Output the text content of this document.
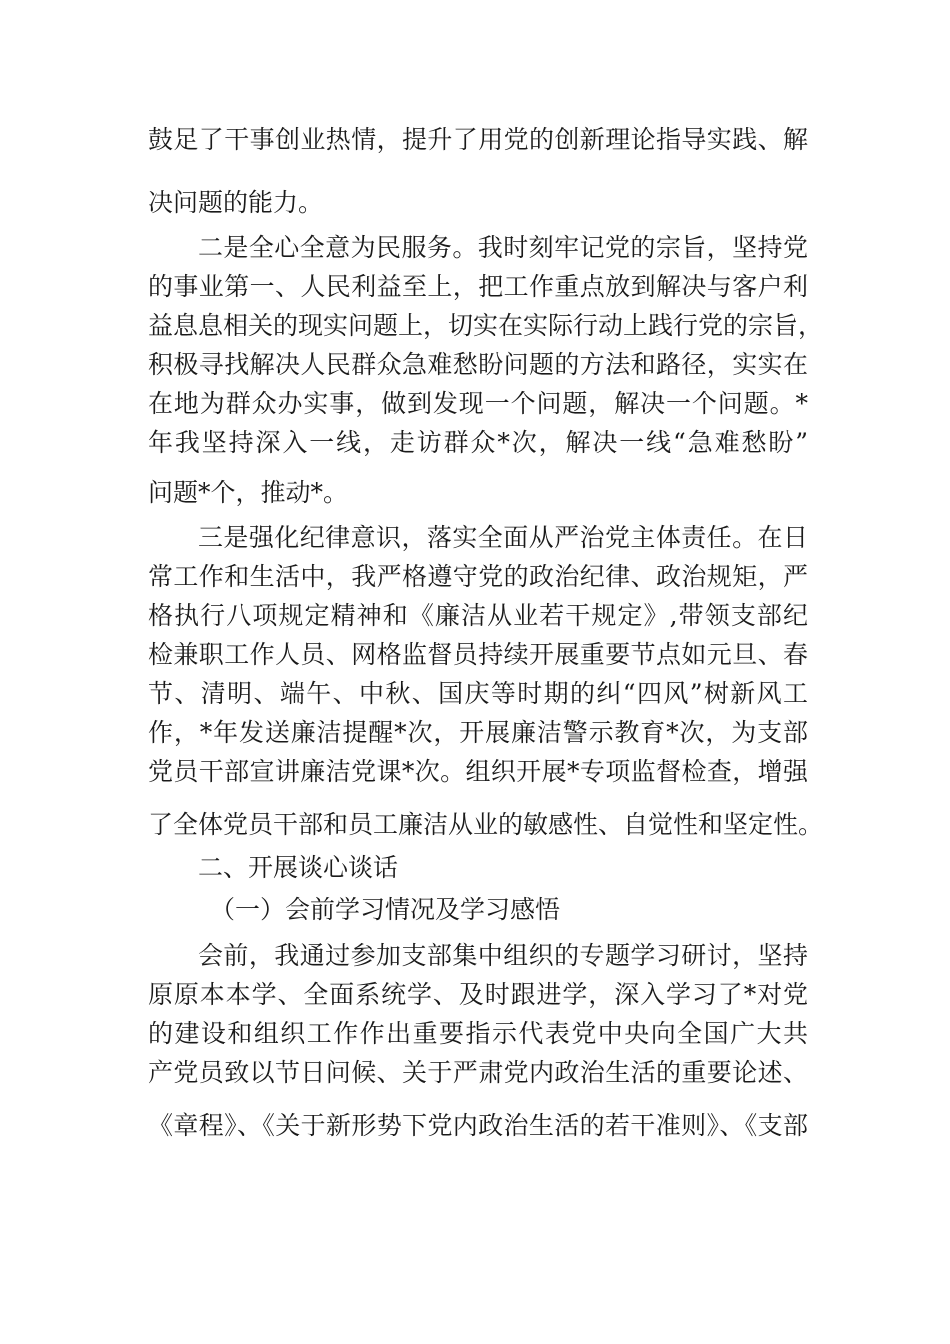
鼓足了干事创业热情，提升了用党的创新理论指导实践、解
决问题的能力。
二是全心全意为民服务。我时刻牢记党的宗旨，坚持党
的事业第一、人民利益至上，把工作重点放到解决与客户利
益息息相关的现实问题上，切实在实际行动上践行党的宗旨，
积极寻找解决人民群众急难愁盼问题的方法和路径，实实在
在地为群众办实事，做到发现一个问题，解决一个问题。*
年我坚持深入一线，走访群众*次，解决一线“急难愁盼”
问题*个，推动*。
三是强化纪律意识，落实全面从严治党主体责任。在日
常工作和生活中，我严格遵守党的政治纪律、政治规矩，严
格执行八项规定精神和《廉洁从业若干规定》,带领支部纪
检兼职工作人员、网格监督员持续开展重要节点如元旦、春
节、清明、端午、中秋、国庆等时期的纠“四风”树新风工
作，*年发送廉洁提醒*次，开展廉洁警示教育*次，为支部
党员干部宣讲廉洁党课*次。组织开展*专项监督检查，增强
了全体党员干部和员工廉洁从业的敏感性、自觉性和坚定性。
二、开展谈心谈话
（一）会前学习情况及学习感悟
会前，我通过参加支部集中组织的专题学习研讨，坚持
原原本本学、全面系统学、及时跟进学，深入学习了*对党
的建设和组织工作作出重要指示代表党中央向全国广大共
产党员致以节日问候、关于严肃党内政治生活的重要论述、
《章程》、《关于新形势下党内政治生活的若干准则》、《支部
